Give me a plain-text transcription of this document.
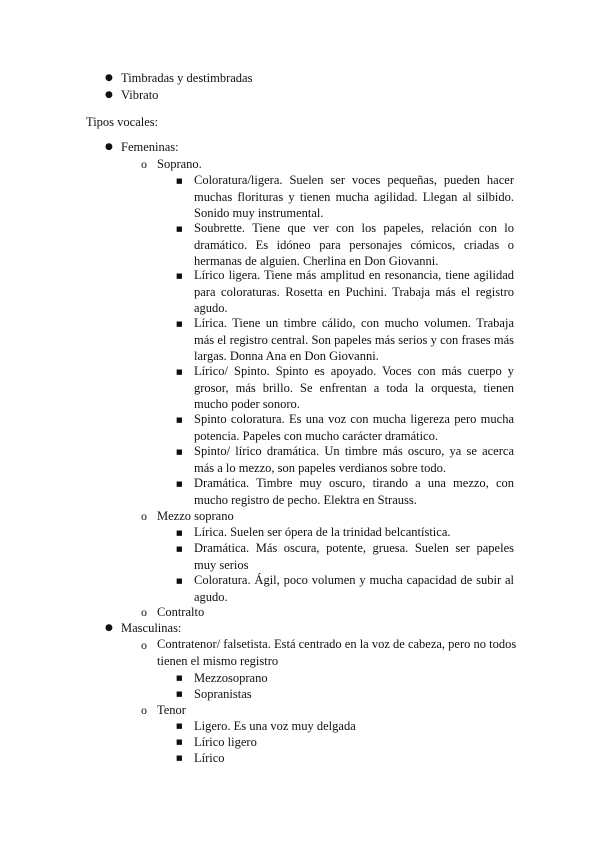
● Timbradas y destimbradas
● Vibrato
Tipos vocales:
● Femeninas:
o Soprano.
■ Coloratura/ligera. Suelen ser voces pequeñas, pueden hacer muchas florituras y tienen mucha agilidad. Llegan al silbido. Sonido muy instrumental.
■ Soubrette. Tiene que ver con los papeles, relación con lo dramático. Es idóneo para personajes cómicos, criadas o hermanas de alguien. Cherlina en Don Giovanni.
■ Lírico ligera. Tiene más amplitud en resonancia, tiene agilidad para coloraturas. Rosetta en Puchini. Trabaja más el registro agudo.
■ Lírica. Tiene un timbre cálido, con mucho volumen. Trabaja más el registro central. Son papeles más serios y con frases más largas. Donna Ana en Don Giovanni.
■ Lírico/ Spinto. Spinto es apoyado. Voces con más cuerpo y grosor, más brillo. Se enfrentan a toda la orquesta, tienen mucho poder sonoro.
■ Spinto coloratura. Es una voz con mucha ligereza pero mucha potencia. Papeles con mucho carácter dramático.
■ Spinto/ lírico dramática. Un timbre más oscuro, ya se acerca más a lo mezzo, son papeles verdianos sobre todo.
■ Dramática. Timbre muy oscuro, tirando a una mezzo, con mucho registro de pecho. Elektra en Strauss.
o Mezzo soprano
■ Lírica. Suelen ser ópera de la trinidad belcantística.
■ Dramática. Más oscura, potente, gruesa. Suelen ser papeles muy serios
■ Coloratura. Ágil, poco volumen y mucha capacidad de subir al agudo.
o Contralto
● Masculinas:
o Contratenor/ falsetista. Está centrado en la voz de cabeza, pero no todos tienen el mismo registro
■ Mezzosoprano
■ Sopranistas
o Tenor
■ Ligero. Es una voz muy delgada
■ Lírico ligero
■ Lírico
